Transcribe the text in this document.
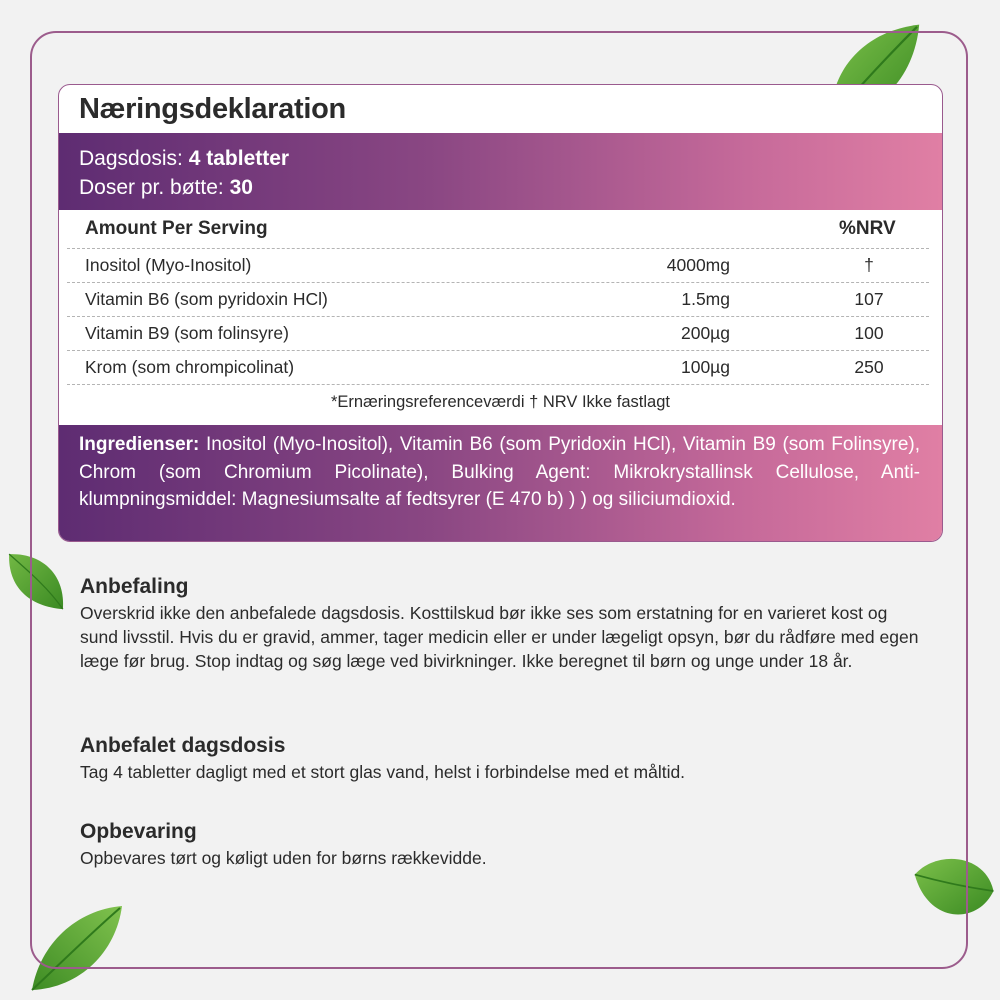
Næringsdeklaration
Dagsdosis: 4 tabletter
Doser pr. bøtte: 30
Amount Per Serving	%NRV
Inositol (Myo-Inositol)	4000mg	†
Vitamin B6 (som pyridoxin HCl)	1.5mg	107
Vitamin B9 (som folinsyre)	200µg	100
Krom (som chrompicolinat)	100µg	250
*Ernæringsreferenceværdi † NRV Ikke fastlagt
Ingredienser: Inositol (Myo-Inositol), Vitamin B6 (som Pyridoxin HCl), Vitamin B9 (som Folinsyre), Chrom (som Chromium Picolinate), Bulking Agent: Mikrokrystallinsk Cellulose, Anti-klumpningsmiddel: Magnesiumsalte af fedtsyrer (E 470 b) ) ) og siliciumdioxid.
Anbefaling

Overskrid ikke den anbefalede dagsdosis. Kosttilskud bør ikke ses som erstatning for en varieret kost og sund livsstil. Hvis du er gravid, ammer, tager medicin eller er under lægeligt opsyn, bør du rådføre med egen læge før brug. Stop indtag og søg læge ved bivirkninger. Ikke beregnet til børn og unge under 18 år.

Anbefalet dagsdosis

Tag 4 tabletter dagligt med et stort glas vand, helst i forbindelse med et måltid.

Opbevaring

Opbevares tørt og køligt uden for børns rækkevidde.
